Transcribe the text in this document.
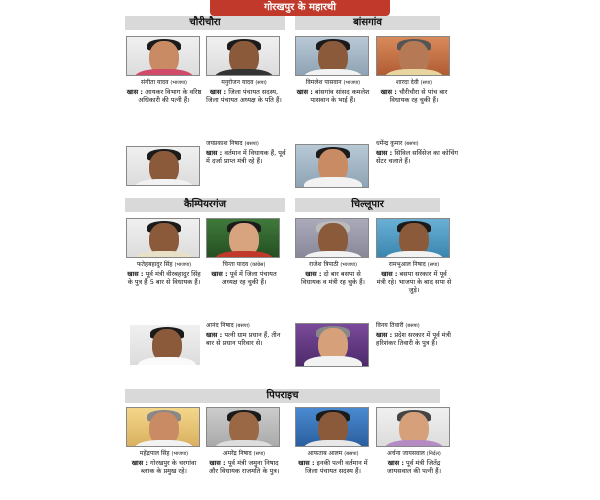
गोरखपुर के महारथी
चौरीचौरा	बांसगांव
कैम्पियरगंज	चिल्लूपार
पिपराइच
संगीता यादव (भाजपा)
खास : आयकर विभाग के वरिष्ठ अधिकारी की पत्नी हैं।
मनुरोजन यादव (सपा)
खास : जिला पंचायत सदस्य, जिला पंचायत अध्यक्ष के पति हैं।
जयप्रकाश निषाद (बसपा)
खास : वर्तमान में विधायक हैं, पूर्व में दर्जा प्राप्त मंत्री रहे हैं।
विमलेश पासवान (भाजपा)
खास : बांसगांव सांसद कमलेश पासवान के भाई हैं।
शारदा देवी (सपा)
खास : चौरीचौरा से पांच बार विधायक रह चुकी हैं।
धर्मेन्द्र कुमार (बसपा)
खास : सिविल सर्विसेज का कोचिंग सेंटर चलाते हैं।
फतेहबहादुर सिंह (भाजपा)
खास : पूर्व मंत्री वीरबहादुर सिंह के पुत्र हैं 5 बार से विधायक हैं।
चिन्ता यादव (कांग्रेस)
खास : पूर्व में जिला पंचायत अध्यक्ष रह चुकी हैं।
आनंद निषाद (बसपा)
खास : पत्नी ग्राम प्रधान हैं, तीन बार से प्रधान परिवार से।
राजेश त्रिपाठी (भाजपा)
खास : दो बार बसपा से विधायक व मंत्री रह चुके हैं।
रामभुआल निषाद (सपा)
खास : बसपा सरकार में पूर्व मंत्री रहे। भाजपा के बाद सपा से जुड़े।
विनय तिवारी (बसपा)
खास : प्रदेश सरकार में पूर्व मंत्री हरिशंकर तिवारी के पुत्र हैं।
महेंद्रपाल सिंह (भाजपा)
खास : गोरखपुर के चरगांवा ब्लाक के प्रमुख रहे।
अमरेंद्र निषाद (सपा)
खास : पूर्व मंत्री जमुना निषाद और विधायक राजमति के पुत्र।
आफताब आलम (बसपा)
खास : इनकी पत्नी वर्तमान में जिला पंचायत सदस्य हैं।
अर्चना जायसवाल (निर्दल)
खास : पूर्व मंत्री जितेंद्र जायसवाल की पत्नी हैं।
